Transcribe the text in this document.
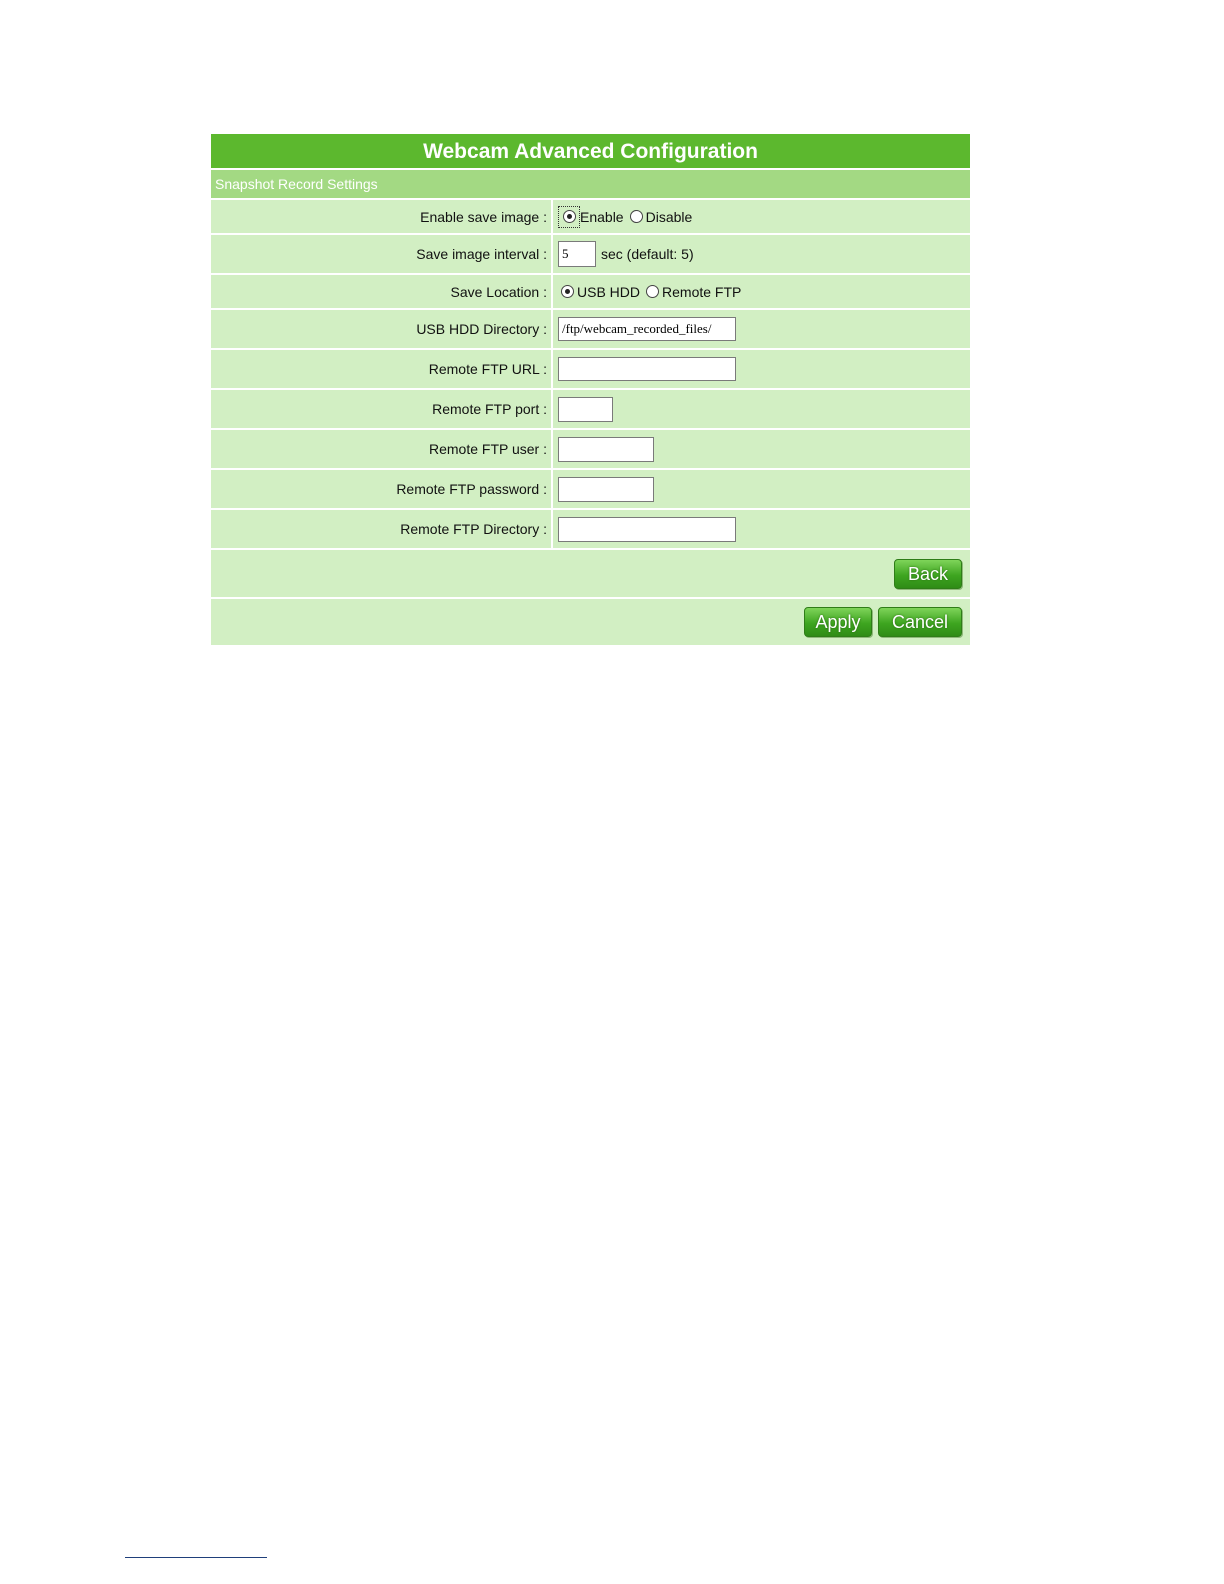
Webcam Advanced Configuration
Snapshot Record Settings
Enable save image :	Enable Disable
Save image interval :
5	sec (default: 5)
Save Location :	USB HDD Remote FTP
USB HDD Directory :
/ftp/webcam_recorded_files/
Remote FTP URL :
Remote FTP port :
Remote FTP user :
Remote FTP password :
Remote FTP Directory :
Back
Apply	Cancel
